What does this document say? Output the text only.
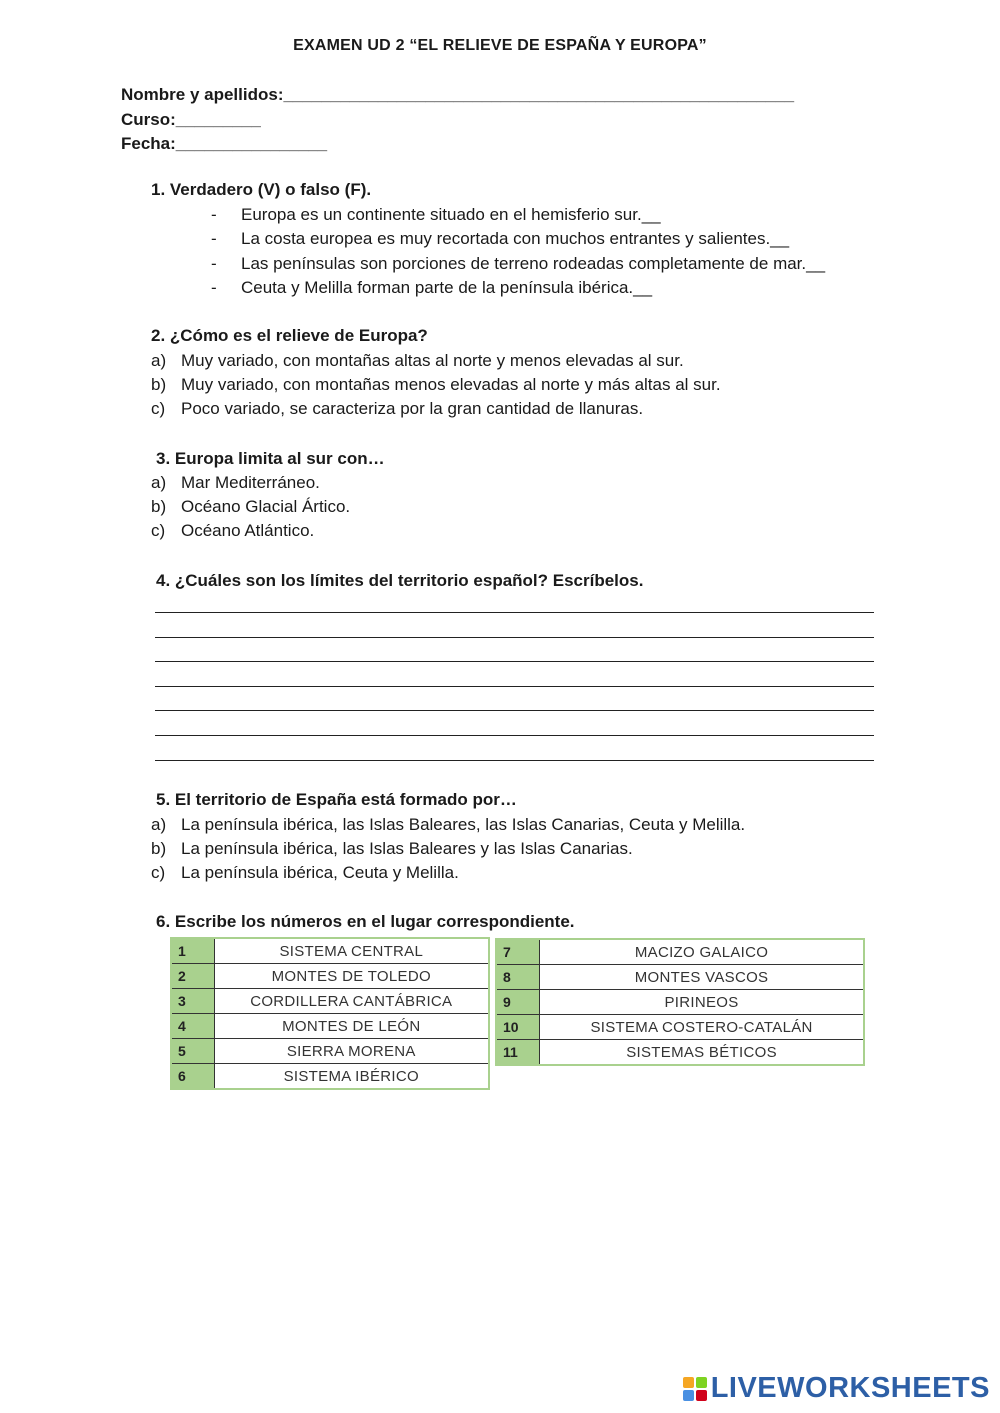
EXAMEN UD 2 “EL RELIEVE DE ESPAÑA Y EUROPA”
Nombre y apellidos:______________________________________________________
Curso:_________
Fecha:________________
1. Verdadero (V) o falso (F).
- Europa es un continente situado en el hemisferio sur.__
- La costa europea es muy recortada con muchos entrantes y salientes.__
- Las penínsulas son porciones de terreno rodeadas completamente de mar.__
- Ceuta y Melilla forman parte de la península ibérica.__
2. ¿Cómo es el relieve de Europa?
a) Muy variado, con montañas altas al norte y menos elevadas al sur.
b) Muy variado, con montañas menos elevadas al norte y más altas al sur.
c) Poco variado, se caracteriza por la gran cantidad de llanuras.
3. Europa limita al sur con…
a) Mar Mediterráneo.
b) Océano Glacial Ártico.
c) Océano Atlántico.
4. ¿Cuáles son los límites del territorio español? Escríbelos.
5. El territorio de España está formado por…
a) La península ibérica, las Islas Baleares, las Islas Canarias, Ceuta y Melilla.
b) La península ibérica, las Islas Baleares y las Islas Canarias.
c) La península ibérica, Ceuta y Melilla.
6. Escribe los números en el lugar correspondiente.
1	SISTEMA CENTRAL
2	MONTES DE TOLEDO
3	CORDILLERA CANTÁBRICA
4	MONTES DE LEÓN
5	SIERRA MORENA
6	SISTEMA IBÉRICO
7	MACIZO GALAICO
8	MONTES VASCOS
9	PIRINEOS
10	SISTEMA COSTERO-CATALÁN
11	SISTEMAS BÉTICOS
LIVEWORKSHEETS
